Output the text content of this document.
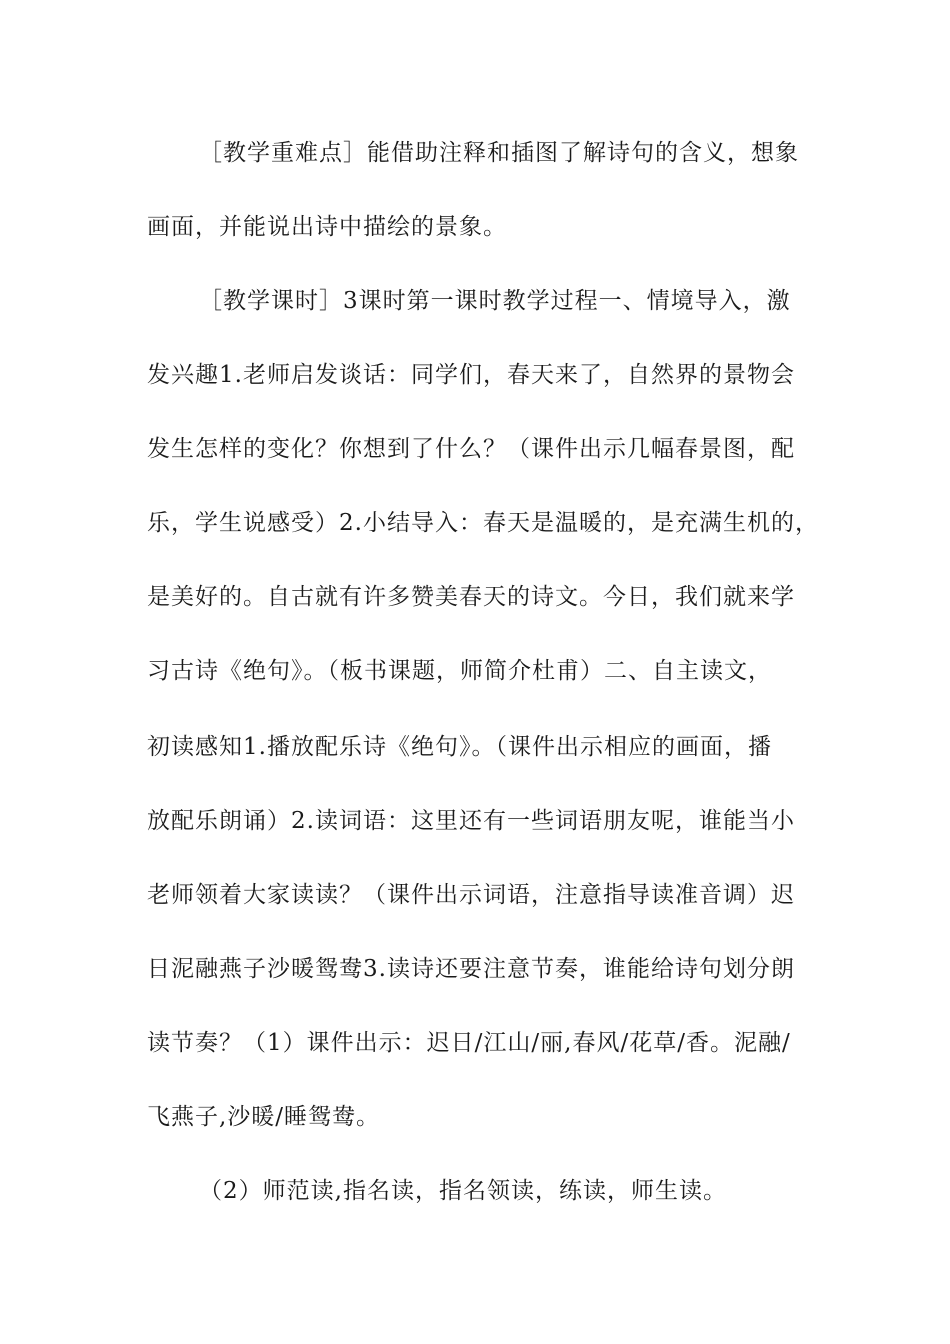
［教学重难点］能借助注释和插图了解诗句的含义，想象
画面，并能说出诗中描绘的景象。
［教学课时］3课时第一课时教学过程一、情境导入，激
发兴趣1.老师启发谈话：同学们，春天来了，自然界的景物会
发生怎样的变化？你想到了什么？（课件出示几幅春景图，配
乐，学生说感受）2.小结导入：春天是温暖的，是充满生机的，
是美好的。自古就有许多赞美春天的诗文。今日，我们就来学
习古诗《绝句》。（板书课题，师简介杜甫）二、自主读文，
初读感知1.播放配乐诗《绝句》。（课件出示相应的画面，播
放配乐朗诵）2.读词语：这里还有一些词语朋友呢，谁能当小
老师领着大家读读？（课件出示词语，注意指导读准音调）迟
日泥融燕子沙暖鸳鸯3.读诗还要注意节奏，谁能给诗句划分朗
读节奏？（1）课件出示：迟日/江山/丽,春风/花草/香。泥融/
飞燕子,沙暖/睡鸳鸯。
（2）师范读,指名读，指名领读，练读，师生读。
